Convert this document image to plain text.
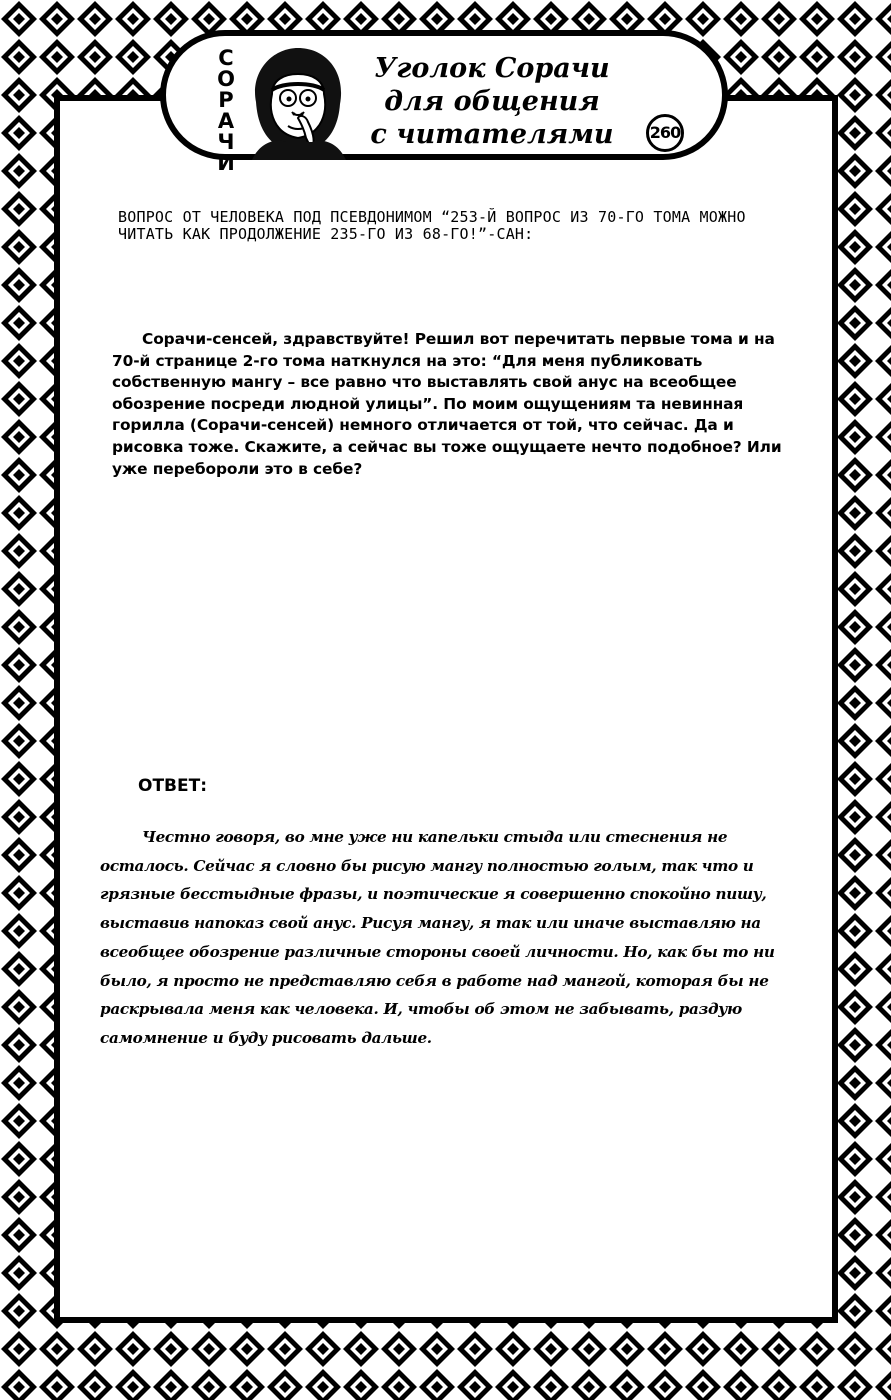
С
О
Р
А
Ч
И
Уголок Сорачи
для общения
с читателями	260
ВОПРОС ОТ ЧЕЛОВЕКА ПОД ПСЕВДОНИМОМ “253-Й ВОПРОС ИЗ 70-ГО ТОМА МОЖНО ЧИТАТЬ КАК ПРОДОЛЖЕНИЕ 235-ГО ИЗ 68-ГО!”-САН:
Сорачи-сенсей, здравствуйте! Решил вот перечитать первые тома и на 70-й странице 2-го тома наткнулся на это: “Для меня публиковать собственную мангу – все равно что выставлять свой анус на всеобщее обозрение посреди людной улицы”. По моим ощущениям та невинная горилла (Сорачи-сенсей) немного отличается от той, что сейчас. Да и рисовка тоже. Скажите, а сейчас вы тоже ощущаете нечто подобное? Или уже перебороли это в себе?
ОТВЕТ:
Честно говоря, во мне уже ни капельки стыда или стеснения не осталось. Сейчас я словно бы рисую мангу полностью голым, так что и грязные бесстыдные фразы, и поэтические я совершенно спокойно пишу, выставив напоказ свой анус. Рисуя мангу, я так или иначе выставляю на всеобщее обозрение различные стороны своей личности. Но, как бы то ни было, я просто не представляю себя в работе над мангой, которая бы не раскрывала меня как человека. И, чтобы об этом не забывать, раздую самомнение и буду рисовать дальше.
